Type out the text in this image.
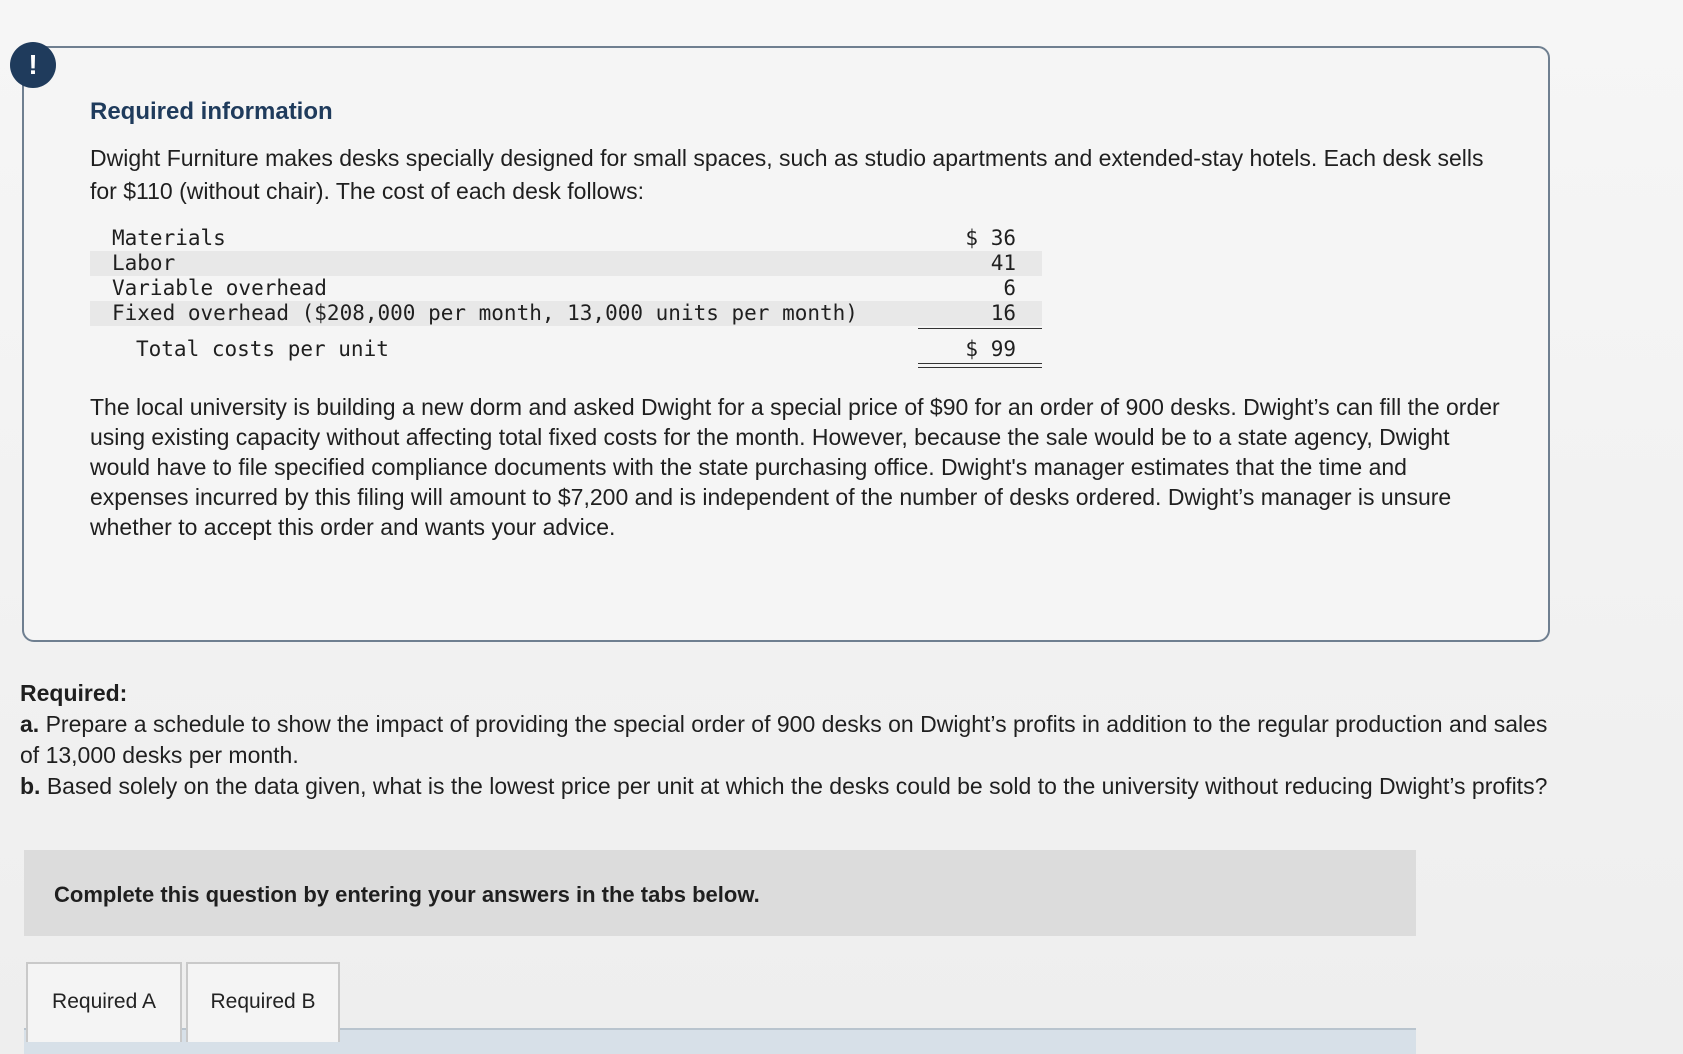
!
Required information
Dwight Furniture makes desks specially designed for small spaces, such as studio apartments and extended-stay hotels. Each desk sells for $110 (without chair). The cost of each desk follows:
Materials	$ 36
Labor	41
Variable overhead	6
Fixed overhead ($208,000 per month, 13,000 units per month)	16
Total costs per unit	$ 99
The local university is building a new dorm and asked Dwight for a special price of $90 for an order of 900 desks. Dwight’s can fill the order using existing capacity without affecting total fixed costs for the month. However, because the sale would be to a state agency, Dwight would have to file specified compliance documents with the state purchasing office. Dwight's manager estimates that the time and expenses incurred by this filing will amount to $7,200 and is independent of the number of desks ordered. Dwight’s manager is unsure whether to accept this order and wants your advice.
Required:
a. Prepare a schedule to show the impact of providing the special order of 900 desks on Dwight’s profits in addition to the regular production and sales of 13,000 desks per month.
b. Based solely on the data given, what is the lowest price per unit at which the desks could be sold to the university without reducing Dwight’s profits?
Complete this question by entering your answers in the tabs below.
Required A	Required B
